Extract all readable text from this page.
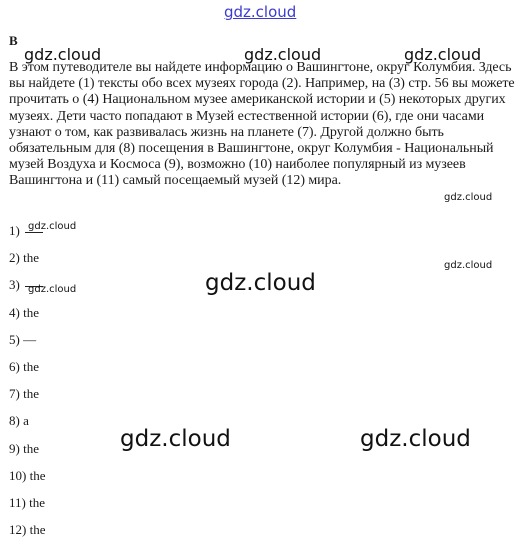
gdz.cloud
B
В этом путеводителе вы найдете информацию о Вашингтоне, округ Колумбия. Здесь вы найдете (1) тексты обо всех музеях города (2). Например, на (3) стр. 56 вы можете прочитать о (4) Национальном музее американской истории и (5) некоторых других музеях. Дети часто попадают в Музей естественной истории (6), где они часами узнают о том, как развивалась жизнь на планете (7). Другой должно быть обязательным для (8) посещения в Вашингтоне, округ Колумбия - Национальный музей Воздуха и Космоса (9), возможно (10) наиболее популярный из музеев Вашингтона и (11) самый посещаемый музей (12) мира.
1) gdz.cloud
2) the
3) gdz.cloud
4) the
5) —
6) the
7) the
8) a
9) the
10) the
11) the
12) the
gdz.cloud	gdz.cloud	gdz.cloud
gdz.cloud
gdz.cloud
gdz.cloud
gdz.cloud	gdz.cloud
